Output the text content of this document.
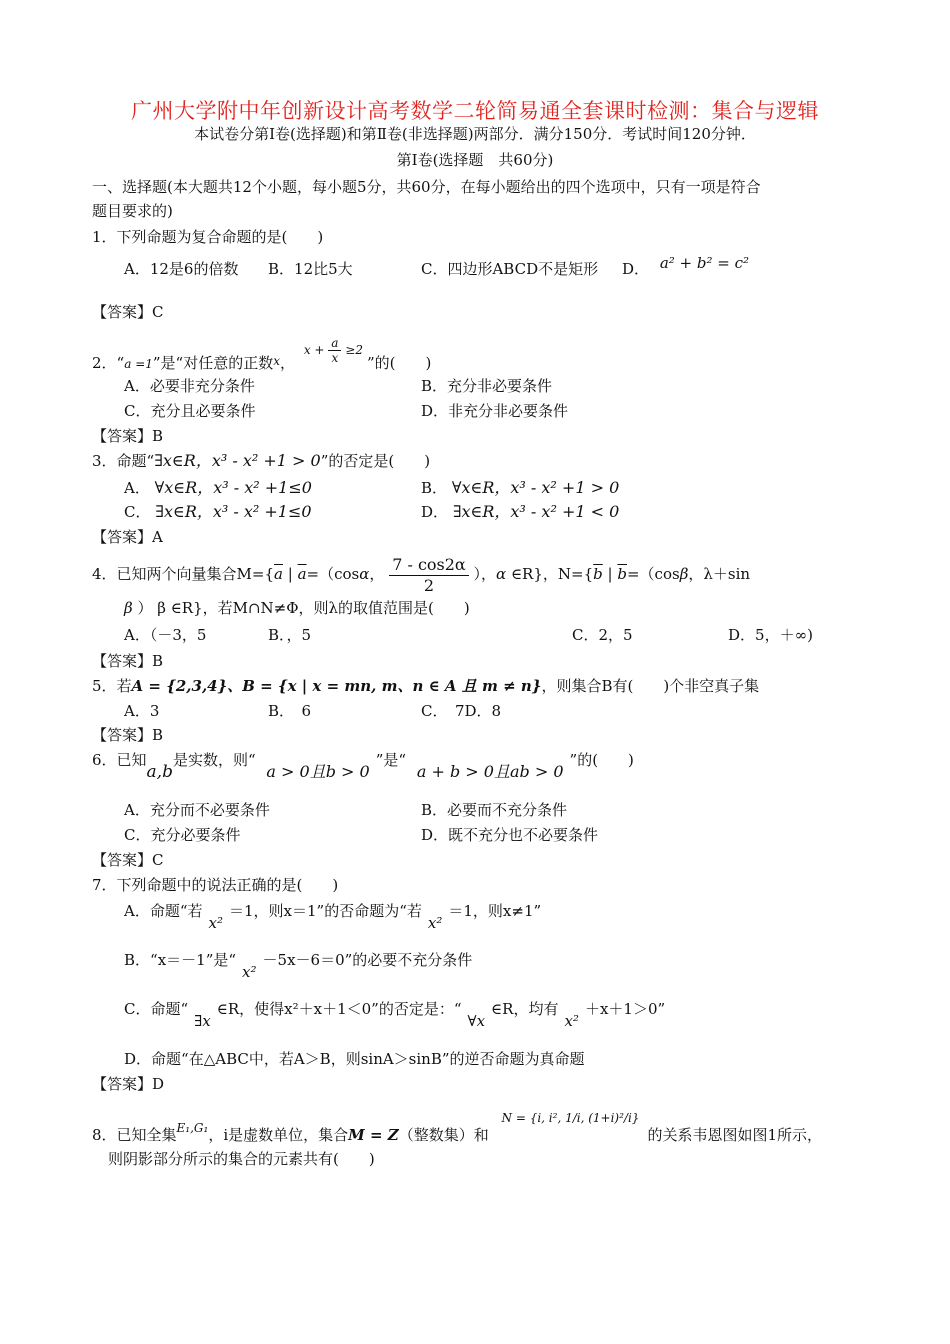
广州大学附中年创新设计高考数学二轮简易通全套课时检测：集合与逻辑
本试卷分第Ⅰ卷(选择题)和第Ⅱ卷(非选择题)两部分．满分150分．考试时间120分钟．
第Ⅰ卷(选择题　共60分)
一、选择题(本大题共12个小题，每小题5分，共60分，在每小题给出的四个选项中，只有一项是符合
题目要求的)
1．下列命题为复合命题的是(　　)
A．12是6的倍数 B．12比5大	C．四边形ABCD不是矩形 D． a² + b² = c²
【答案】C
2．“a =1”是“对任意的正数$^x$， $x + \frac{a}{x} \ge 2$”的(　　)
A．必要非充分条件	B．充分非必要条件
C．充分且必要条件	D．非充分非必要条件
【答案】B
3．命题“∃x∈R，x³ - x² +1 > 0”的否定是(　　)
A． ∀x∈R，x³ - x² +1≤0	B． ∀x∈R，x³ - x² +1 > 0
C． ∃x∈R，x³ - x² +1≤0	D． ∃x∈R，x³ - x² +1 < 0
【答案】A
4．已知两个向量集合$M=\{\overline{a}$ | $\overline{a}=(\cos\alpha$， $\frac{7 - \cos 2\alpha}{2}$ ），α ∈R}，$N=\{\overline{b}$ | $\overline{b}=(\cos\beta$，λ＋sin
β ） β ∈R}，若M∩N≠Φ，则λ的取值范围是(　　)
A．（－3，5	B．，5	C．2，5	D．5，＋∞)
【答案】B
5．若A = {2,3,4}、B = {x | x = mn, m、n ∈ A 且 m ≠ n}，则集合B有(　　)个非空真子集
A．3	B．　6	C．　7D．8
【答案】B
6．已知a,b是实数，则“ a > 0且b > 0”是“ a + b > 0且ab > 0”的(　　)
A．充分而不必要条件	B．必要而不充分条件
C．充分必要条件	D．既不充分也不必要条件
【答案】C
7．下列命题中的说法正确的是(　　)
A．命题“若x²＝1，则x＝1”的否命题为“若x²＝1，则x≠1”
B．“x＝－1”是“x²－5x－6＝0”的必要不充分条件
C．命题“∃x∈R，使得x²＋x＋1＜0”的否定是：“∀x∈R，均有x²＋x＋1＞0”
D．命题“在△ABC中，若A＞B，则sinA＞sinB”的逆否命题为真命题
【答案】D
8．已知全集$^{E_1,G_1}$，i是虚数单位，集合M = Z（整数集）和 $^{N = \{i, i^2, 1/i, (1+i)^2/i\}}$的关系韦恩图如图1所示，
则阴影部分所示的集合的元素共有(　　)
